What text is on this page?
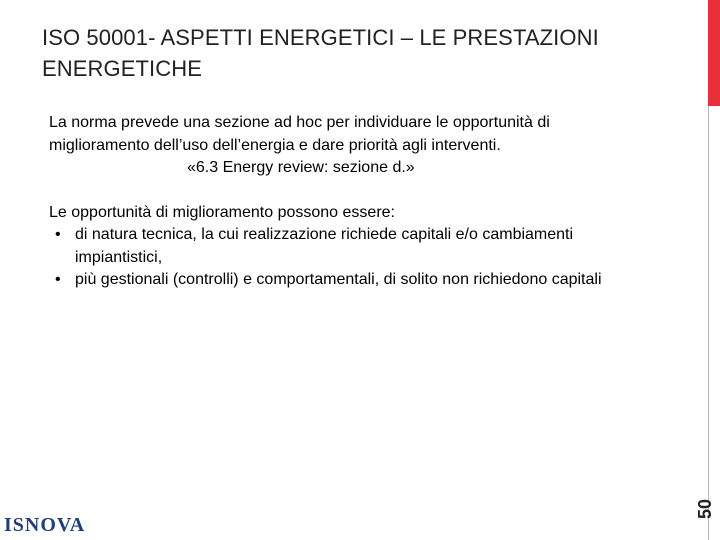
ISO 50001- ASPETTI ENERGETICI – LE PRESTAZIONI ENERGETICHE

La norma prevede una sezione ad hoc per individuare le opportunità di miglioramento dell’uso dell’energia e dare priorità agli interventi.

«6.3 Energy review: sezione d.»

Le opportunità di miglioramento possono essere:

• di natura tecnica, la cui realizzazione richiede capitali e/o cambiamenti impiantistici,
• più gestionali (controlli) e comportamentali, di solito non richiedono capitali
50
ISNOVA
